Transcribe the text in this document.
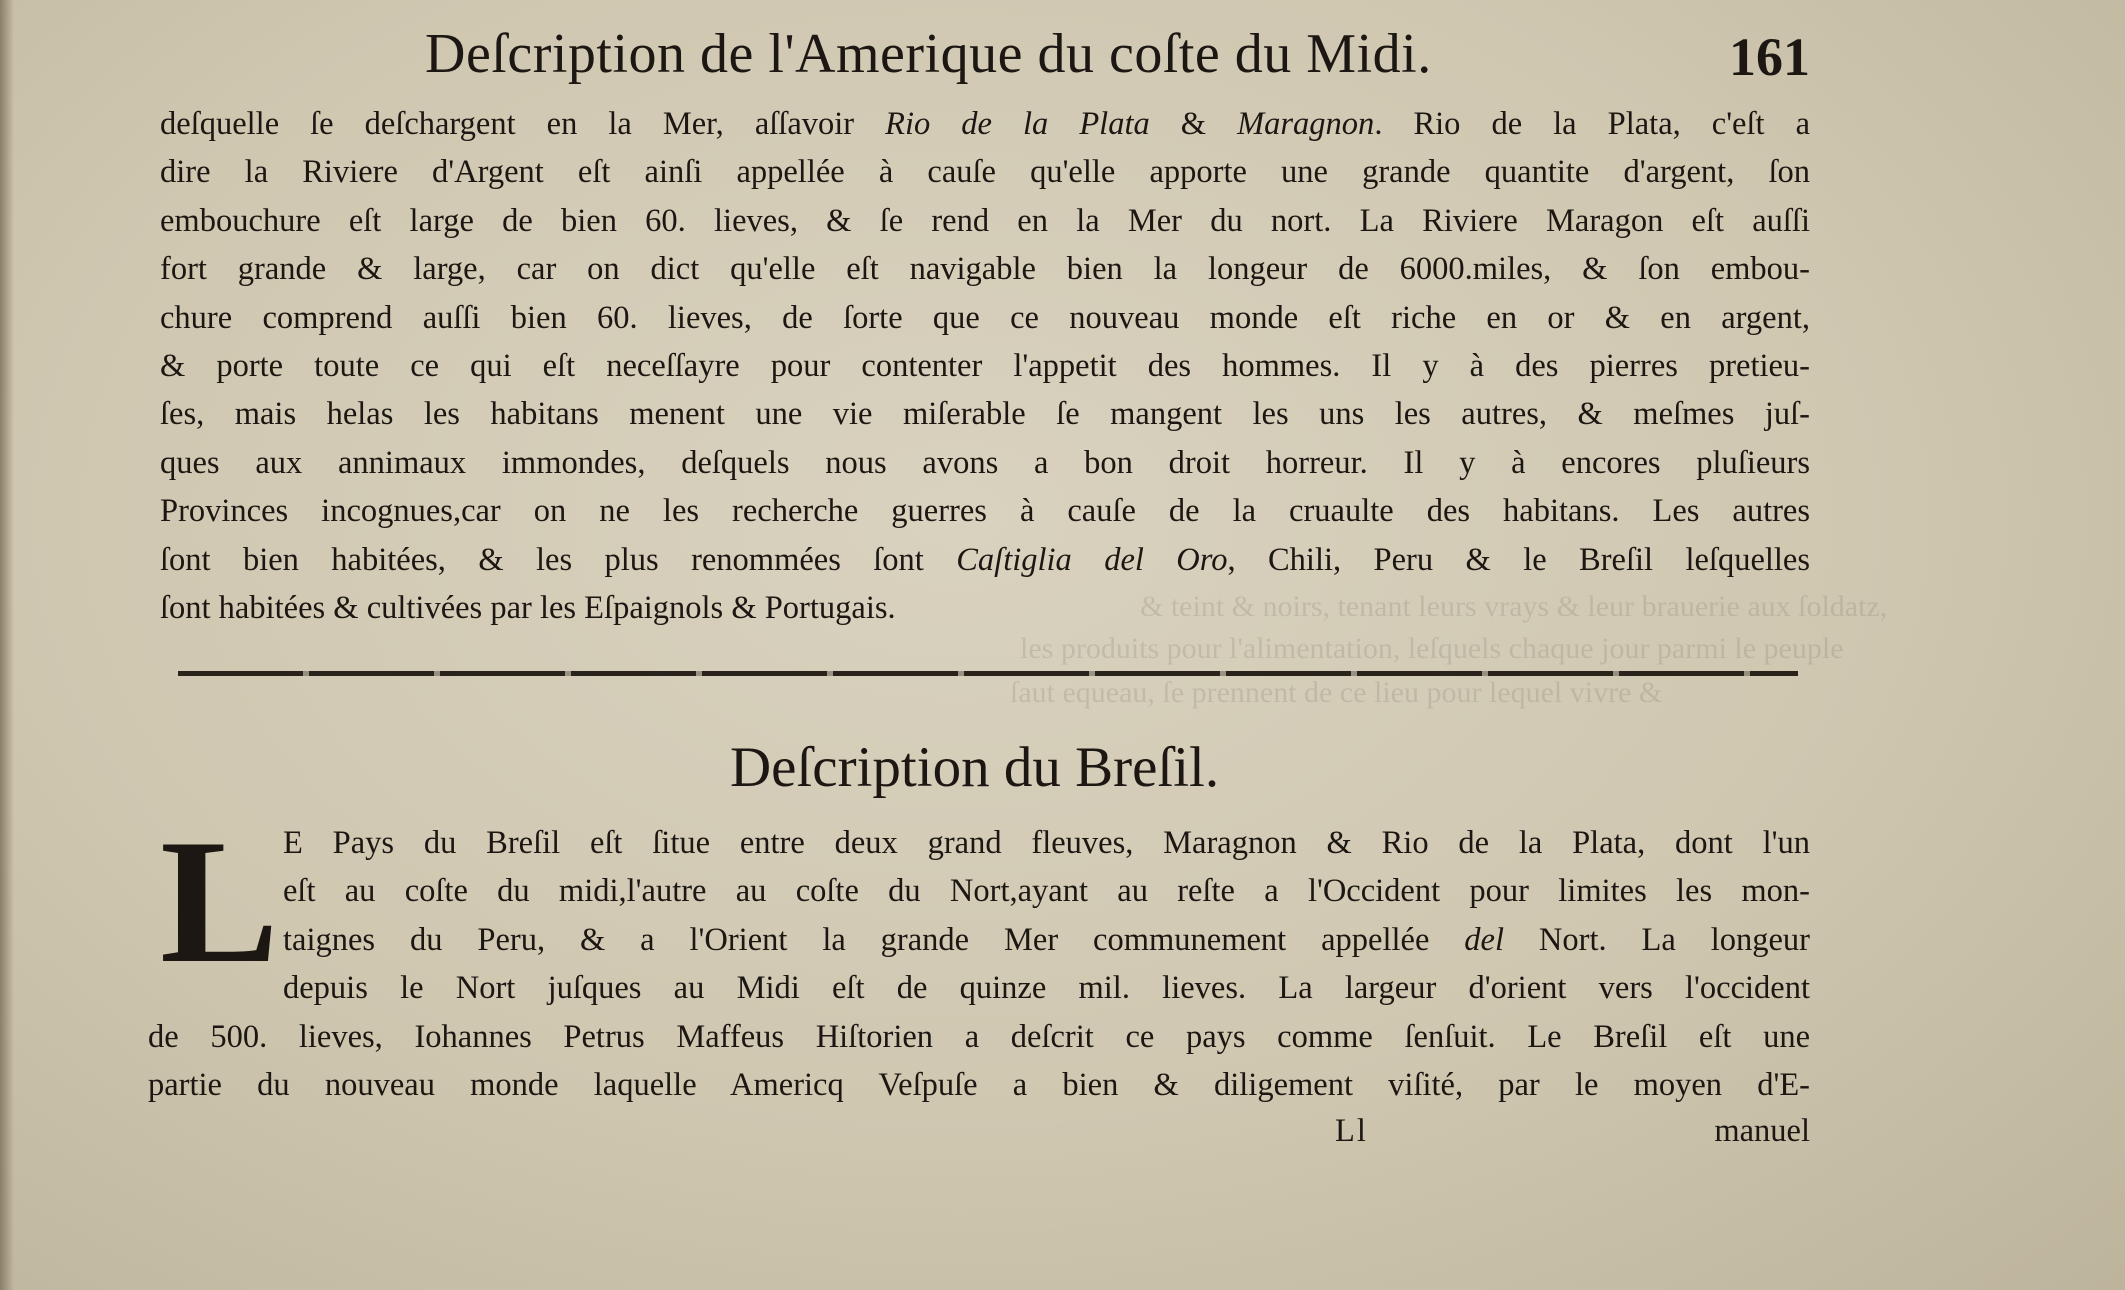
& teint & noirs, tenant leurs vrays & leur brauerie aux ſoldatz,
les produits pour l'alimentation, leſquels chaque jour parmi le peuple
ſaut equeau, ſe prennent de ce lieu pour lequel vivre &
Deſcription de l'Amerique du coſte du Midi.	161
deſquelle ſe deſchargent en la Mer, aſſavoir Rio de la Plata & Maragnon. Rio de la Plata, c'eſt a
dire la Riviere d'Argent eſt ainſi appellée à cauſe qu'elle apporte une grande quantite d'argent, ſon
embouchure eſt large de bien 60. lieves, & ſe rend en la Mer du nort. La Riviere Maragon eſt auſſi
fort grande & large, car on dict qu'elle eſt navigable bien la longeur de 6000.miles, & ſon embou-
chure comprend auſſi bien 60. lieves, de ſorte que ce nouveau monde eſt riche en or & en argent,
& porte toute ce qui eſt neceſſayre pour contenter l'appetit des hommes. Il y à des pierres pretieu-
ſes, mais helas les habitans menent une vie miſerable ſe mangent les uns les autres, & meſmes juſ-
ques aux annimaux immondes, deſquels nous avons a bon droit horreur. Il y à encores pluſieurs
Provinces incognues,car on ne les recherche guerres à cauſe de la cruaulte des habitans. Les autres
ſont bien habitées, & les plus renommées ſont Caſtiglia del Oro, Chili, Peru & le Breſil leſquelles
ſont habitées & cultivées par les Eſpaignols & Portugais.
Deſcription du Breſil.
L E Pays du Breſil eſt ſitue entre deux grand fleuves, Maragnon & Rio de la Plata, dont l'un
eſt au coſte du midi,l'autre au coſte du Nort,ayant au reſte a l'Occident pour limites les mon-
taignes du Peru, & a l'Orient la grande Mer communement appellée del Nort. La longeur
depuis le Nort juſques au Midi eſt de quinze mil. lieves. La largeur d'orient vers l'occident
de 500. lieves, Iohannes Petrus Maffeus Hiſtorien a deſcrit ce pays comme ſenſuit. Le Breſil eſt une
partie du nouveau monde laquelle Americq Veſpuſe a bien & diligement viſité, par le moyen d'E-
Ll	manuel
